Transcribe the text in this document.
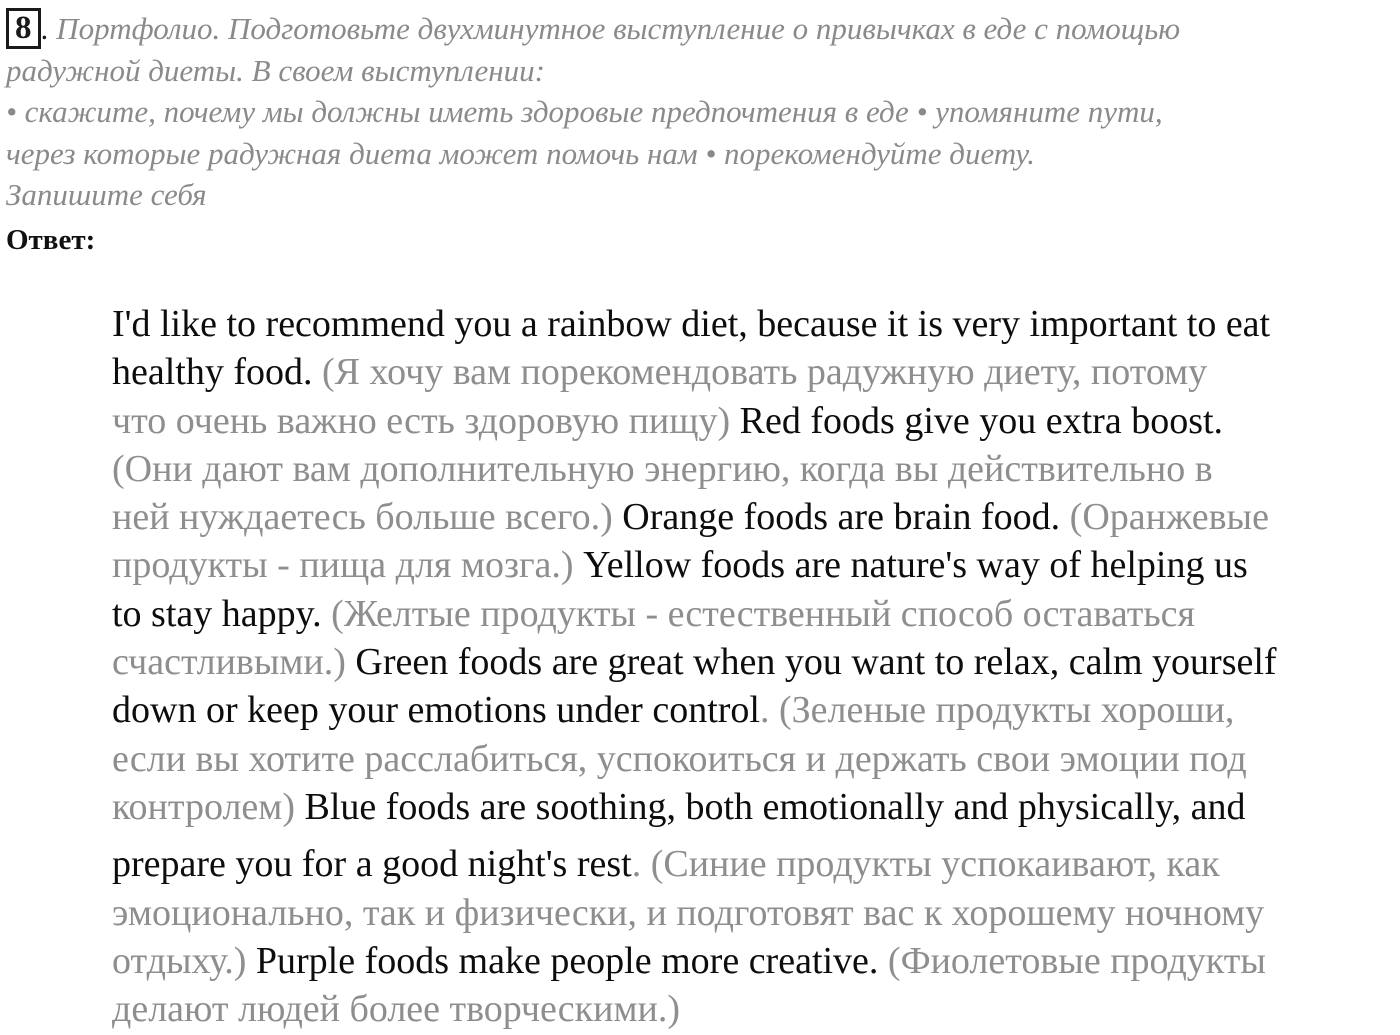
8 . Портфолио. Подготовьте двухминутное выступление о привычках в еде с помощью
радужной диеты. В своем выступлении:
• скажите, почему мы должны иметь здоровые предпочтения в еде • упомяните пути,
через которые радужная диета может помочь нам • порекомендуйте диету.
Запишите себя
Ответ:
I'd like to recommend you a rainbow diet, because it is very important to eat
healthy food. (Я хочу вам порекомендовать радужную диету, потому
что очень важно есть здоровую пищу) Red foods give you extra boost.
(Они дают вам дополнительную энергию, когда вы действительно в
ней нуждаетесь больше всего.) Orange foods are brain food. (Оранжевые
продукты - пища для мозга.) Yellow foods are nature's way of helping us
to stay happy. (Желтые продукты - естественный способ оставаться
счастливыми.) Green foods are great when you want to relax, calm yourself
down or keep your emotions under control. (Зеленые продукты хороши,
если вы хотите расслабиться, успокоиться и держать свои эмоции под
контролем) Blue foods are soothing, both emotionally and physically, and
prepare you for a good night's rest. (Синие продукты успокаивают, как
эмоционально, так и физически, и подготовят вас к хорошему ночному
отдыху.) Purple foods make people more creative. (Фиолетовые продукты
делают людей более творческими.)
